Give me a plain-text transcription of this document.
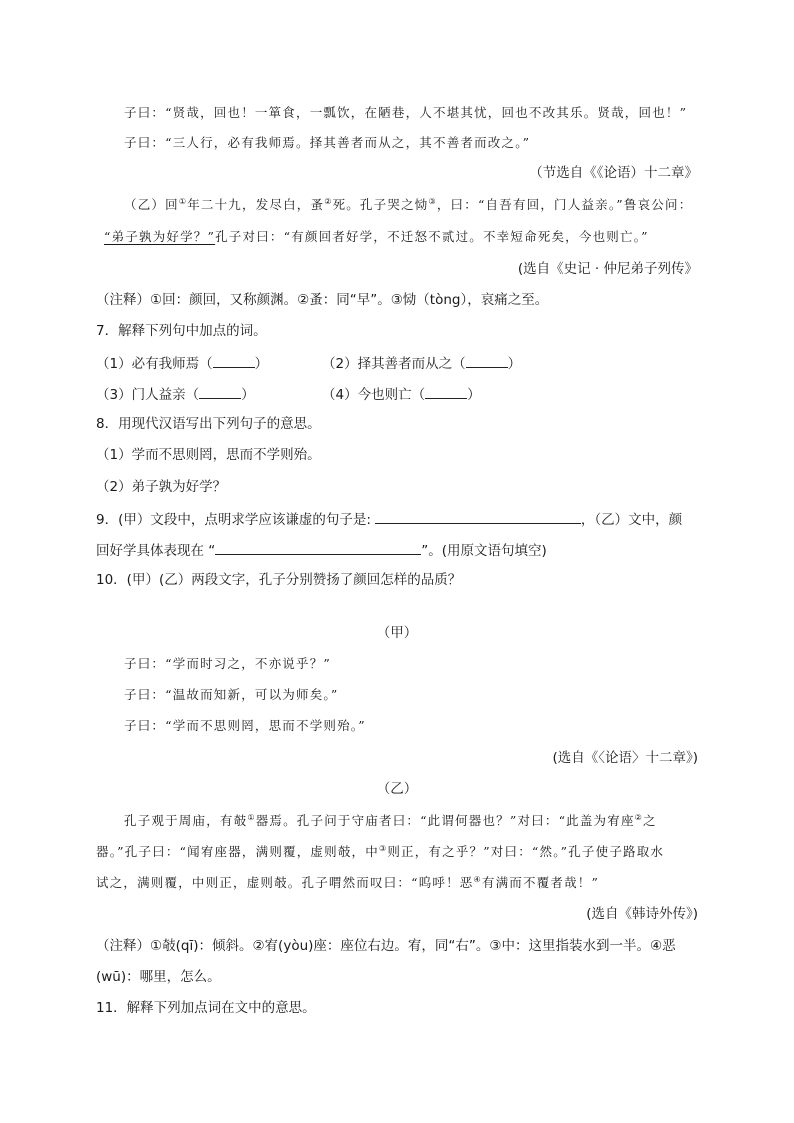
子曰：“贤哉，回也！一箪食，一瓢饮，在陋巷，人不堪其忧，回也不改其乐。贤哉，回也！”
子曰：“三人行，必有我师焉。择其善者而从之，其不善者而改之。”
（节选自《《论语）十二章》
（乙）回①年二十九，发尽白，蚤②死。孔子哭之恸③，曰：“自吾有回，门人益亲。”鲁哀公问：
“弟子孰为好学？”孔子对曰：“有颜回者好学，不迁怒不贰过。不幸短命死矣，今也则亡。”
(选自《史记 · 仲尼弟子列传》
（注释）①回：颜回，又称颜渊。②蚤：同“早”。③恸（tòng），哀痛之至。
7．解释下列句中加点的词。
（1）必有我师焉（	）	（2）择其善者而从之（	）
（3）门人益亲（	）	（4）今也则亡（	）
8．用现代汉语写出下列句子的意思。
（1）学而不思则罔，思而不学则殆。
（2）弟子孰为好学？
9．(甲）文段中，点明求学应该谦虚的句子是:	，（乙）文中，颜
回好学具体表现在 “	”。(用原文语句填空)
10．(甲）(乙）两段文字，孔子分别赞扬了颜回怎样的品质？
（甲）
子曰：“学而时习之，不亦说乎？”
子曰：“温故而知新，可以为师矣。”
子曰：“学而不思则罔，思而不学则殆。”
(选自《〈论语〉十二章》)
（乙）
孔子观于周庙，有攲①器焉。孔子问于守庙者曰：“此谓何器也？”对曰：“此盖为宥座②之
器。”孔子曰：“闻宥座器，满则覆，虚则攲，中③则正，有之乎？”对曰：“然。”孔子使子路取水
试之，满则覆，中则正，虚则攲。孔子喟然而叹曰：“呜呼！恶④有满而不覆者哉！”
(选自《韩诗外传》)
（注释）①攲(qī)：倾斜。②宥(yòu)座：座位右边。宥，同“右”。③中：这里指装水到一半。④恶
(wū)：哪里，怎么。
11．解释下列加点词在文中的意思。
